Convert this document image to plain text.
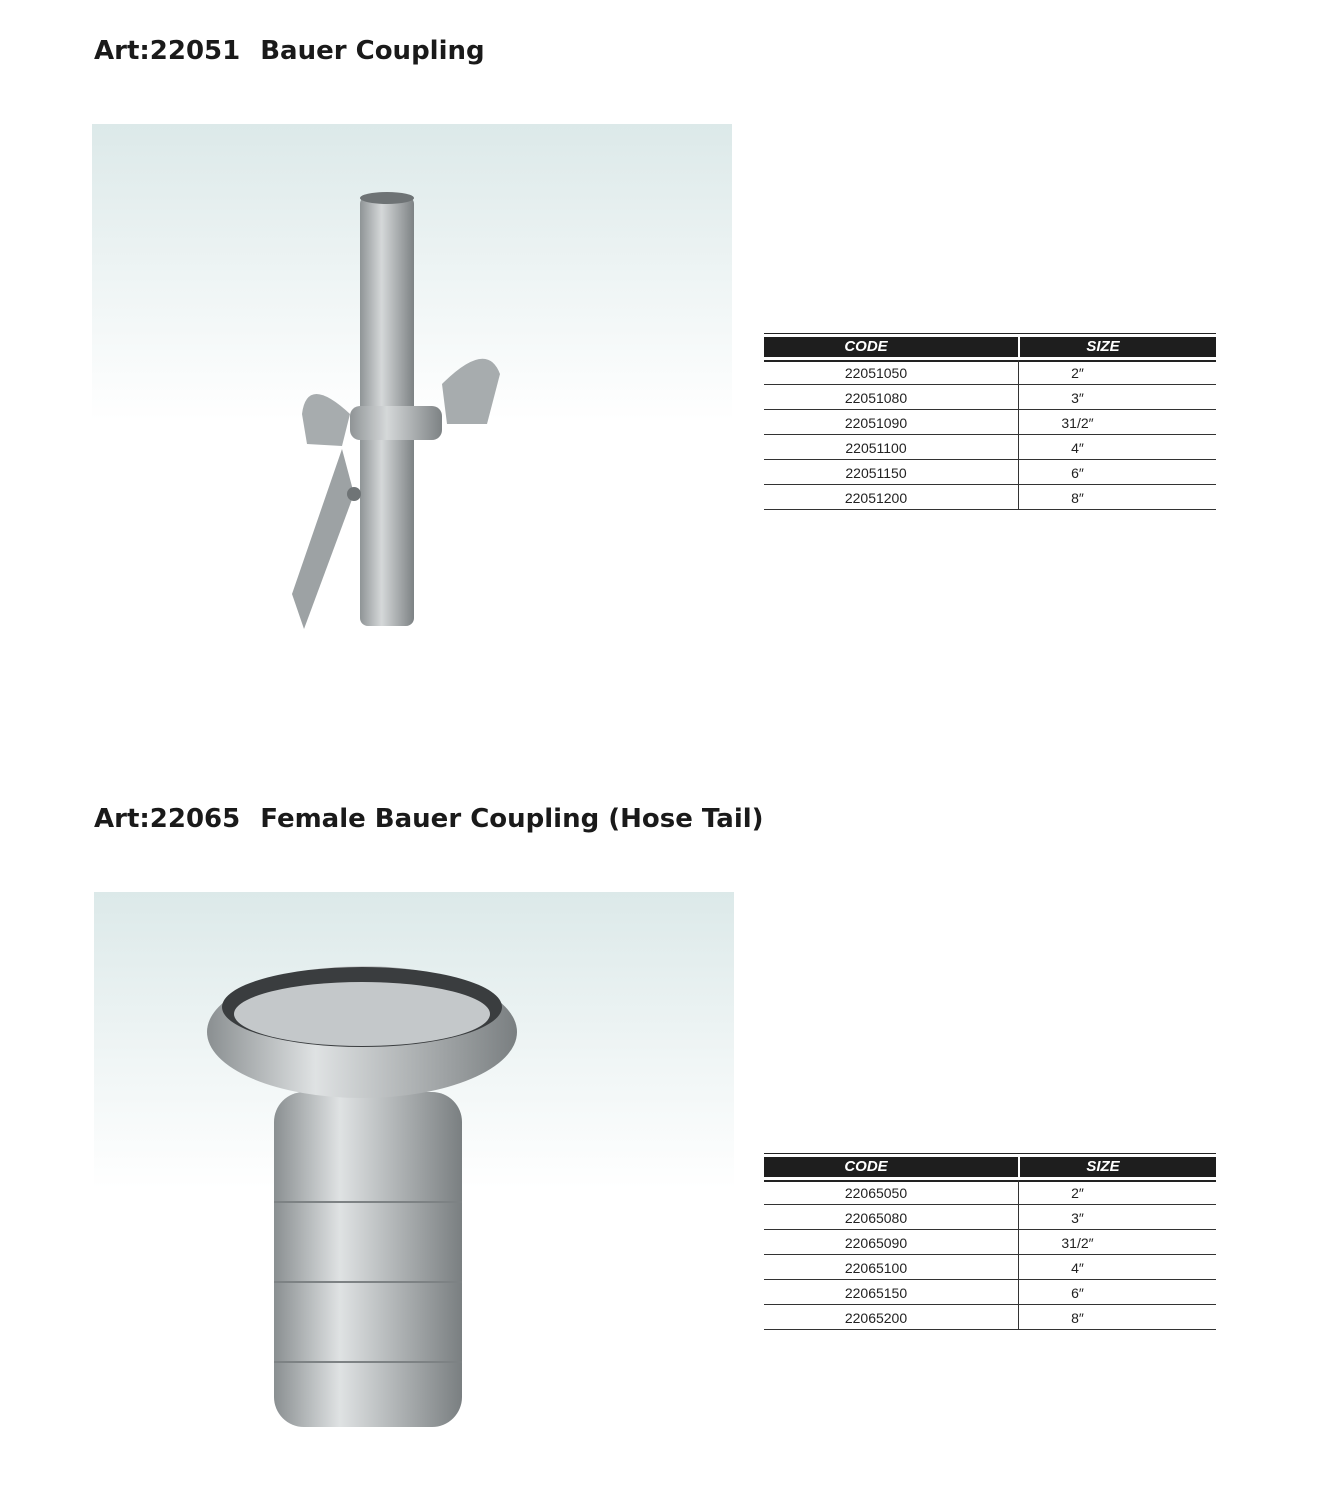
Art:22051 Bauer Coupling
CODE	SIZE
22051050	2″
22051080	3″
22051090	31/2″
22051100	4″
22051150	6″
22051200	8″
Art:22065 Female Bauer Coupling (Hose Tail)
CODE	SIZE
22065050	2″
22065080	3″
22065090	31/2″
22065100	4″
22065150	6″
22065200	8″
